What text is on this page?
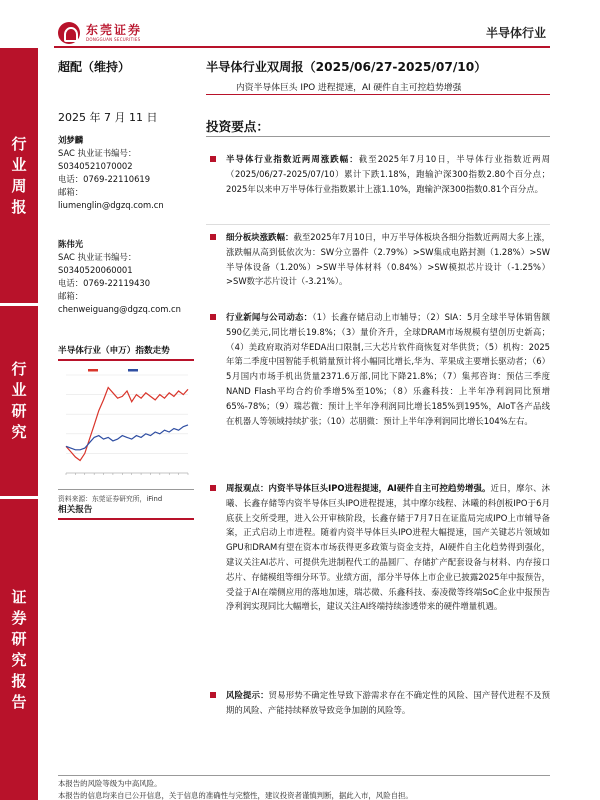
东莞证券
DONGGUAN SECURITIES	半导体行业
行业周报
行业研究
证券研究报告
超配（维持）
2025 年 7 月 11 日
刘梦麟
SAC 执业证书编号：
S0340521070002
电话：0769-22110619
邮箱：
liumenglin@dgzq.com.cn
陈伟光
SAC 执业证书编号：
S0340520060001
电话：0769-22119430
邮箱：
chenweiguang@dgzq.com.cn
半导体行业（申万）指数走势
资料来源：东莞证券研究所，iFind
相关报告
半导体行业双周报（2025/06/27-2025/07/10）
内资半导体巨头 IPO 进程提速，AI 硬件自主可控趋势增强
投资要点：
半导体行业指数近两周涨跌幅：截至2025年7月10日，半导体行业指数近两周（2025/06/27-2025/07/10）累计下跌1.18%，跑输沪深300指数2.80个百分点；2025年以来申万半导体行业指数累计上涨1.10%，跑输沪深300指数0.81个百分点。
细分板块涨跌幅：截至2025年7月10日，申万半导体板块各细分指数近两周大多上涨，涨跌幅从高到低依次为：SW分立器件（2.79%）>SW集成电路封测（1.28%）>SW半导体设备（1.20%）>SW半导体材料（0.84%）>SW模拟芯片设计（-1.25%）>SW数字芯片设计（-3.21%）。
行业新闻与公司动态：（1）长鑫存储启动上市辅导；（2）SIA：5月全球半导体销售额590亿美元,同比增长19.8%；（3）量价齐升，全球DRAM市场规模有望创历史新高；（4）美政府取消对华EDA出口限制,三大芯片软件商恢复对华供货；（5）机构：2025年第二季度中国智能手机销量预计将小幅同比增长,华为、苹果成主要增长驱动者；（6）5月国内市场手机出货量2371.6万部,同比下降21.8%；（7）集邦咨询：预估三季度NAND Flash平均合约价季增5%至10%；（8）乐鑫科技：上半年净利润同比预增65%-78%；（9）瑞芯微：预计上半年净利润同比增长185%到195%，AIoT各产品线在机器人等领域持续扩张；（10）芯朋微：预计上半年净利润同比增长104%左右。
周报观点：内资半导体巨头IPO进程提速，AI硬件自主可控趋势增强。近日，摩尔、沐曦、长鑫存储等内资半导体巨头IPO进程提速，其中摩尔线程、沐曦的科创板IPO于6月底获上交所受理，进入公开审核阶段，长鑫存储于7月7日在证监局完成IPO上市辅导备案，正式启动上市进程。随着内资半导体巨头IPO进程大幅提速，国产关键芯片领域如GPU和DRAM有望在资本市场获得更多政策与资金支持，AI硬件自主化趋势得到强化，建议关注AI芯片、可提供先进制程代工的晶圆厂、存储扩产配套设备与材料、内存接口芯片、存储模组等细分环节。业绩方面，部分半导体上市企业已披露2025年中报预告，受益于AI在端侧应用的落地加速，瑞芯微、乐鑫科技、泰凌微等终端SoC企业中报预告净利润实现同比大幅增长，建议关注AI终端持续渗透带来的硬件增量机遇。
风险提示：贸易形势不确定性导致下游需求存在不确定性的风险、国产替代进程不及预期的风险、产能持续释放导致竞争加剧的风险等。
本报告的风险等级为中高风险。
本报告的信息均来自已公开信息，关于信息的准确性与完整性，建议投资者谨慎判断，据此入市，风险自担。
